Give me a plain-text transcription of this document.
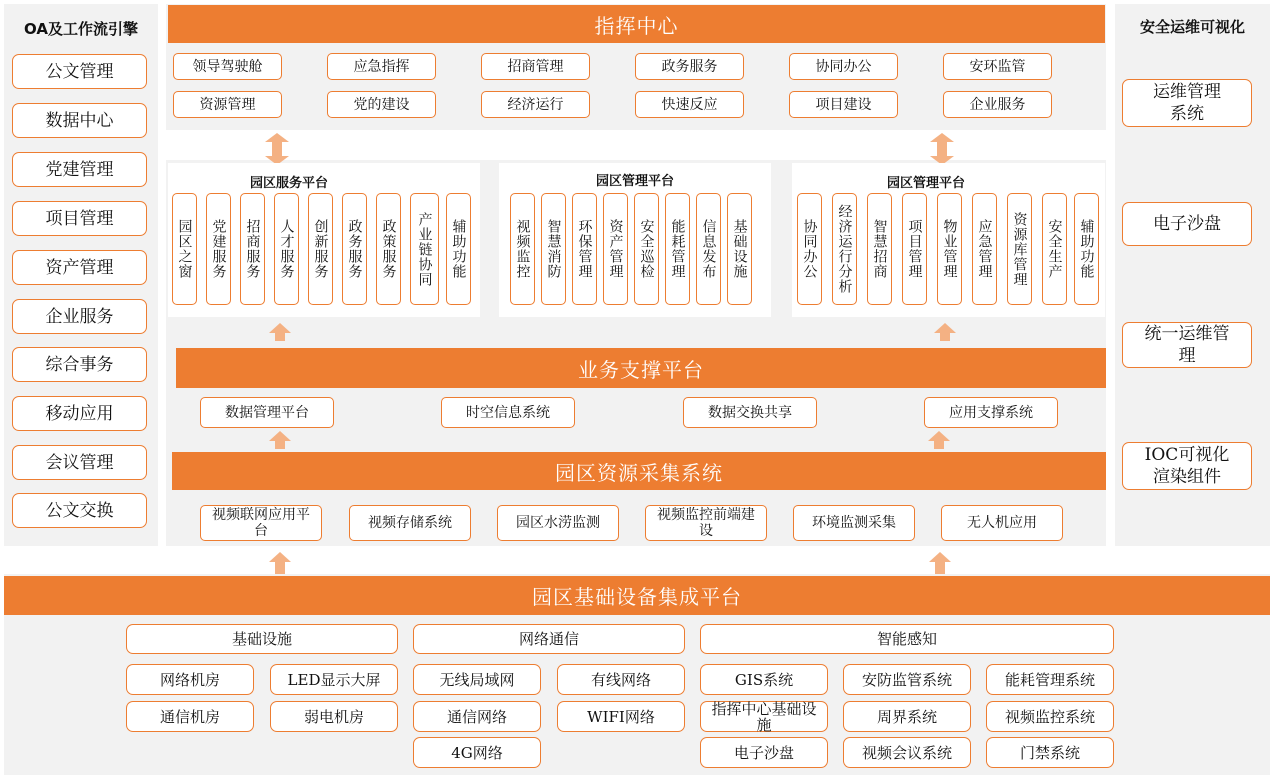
OA及工作流引擎
公文管理
数据中心
党建管理
项目管理
资产管理
企业服务
综合事务
移动应用
会议管理
公文交换
安全运维可视化
运维管理系统
电子沙盘
统一运维管理
IOC可视化渲染组件
指挥中心
领导驾驶舱	应急指挥	招商管理	政务服务	协同办公	安环监管
资源管理	党的建设	经济运行	快速反应	项目建设	企业服务
园区服务平台
园区之窗	党建服务	招商服务	人才服务	创新服务	政务服务	政策服务	产业链协同	辅助功能
园区管理平台
视频监控	智慧消防	环保管理	资产管理	安全巡检	能耗管理	信息发布	基础设施
园区管理平台
协同办公	经济运行分析	智慧招商	项目管理	物业管理	应急管理	资源库管理	安全生产	辅助功能
业务支撑平台
数据管理平台	时空信息系统	数据交换共享	应用支撑系统
园区资源采集系统
视频联网应用平台	视频存储系统	园区水涝监测	视频监控前端建设	环境监测采集	无人机应用
园区基础设备集成平台
基础设施
网络机房	LED显示大屏
通信机房	弱电机房
网络通信
无线局域网	有线网络
通信网络	WIFI网络
4G网络
智能感知
GIS系统	安防监管系统	能耗管理系统
指挥中心基础设施	周界系统	视频监控系统
电子沙盘	视频会议系统	门禁系统
